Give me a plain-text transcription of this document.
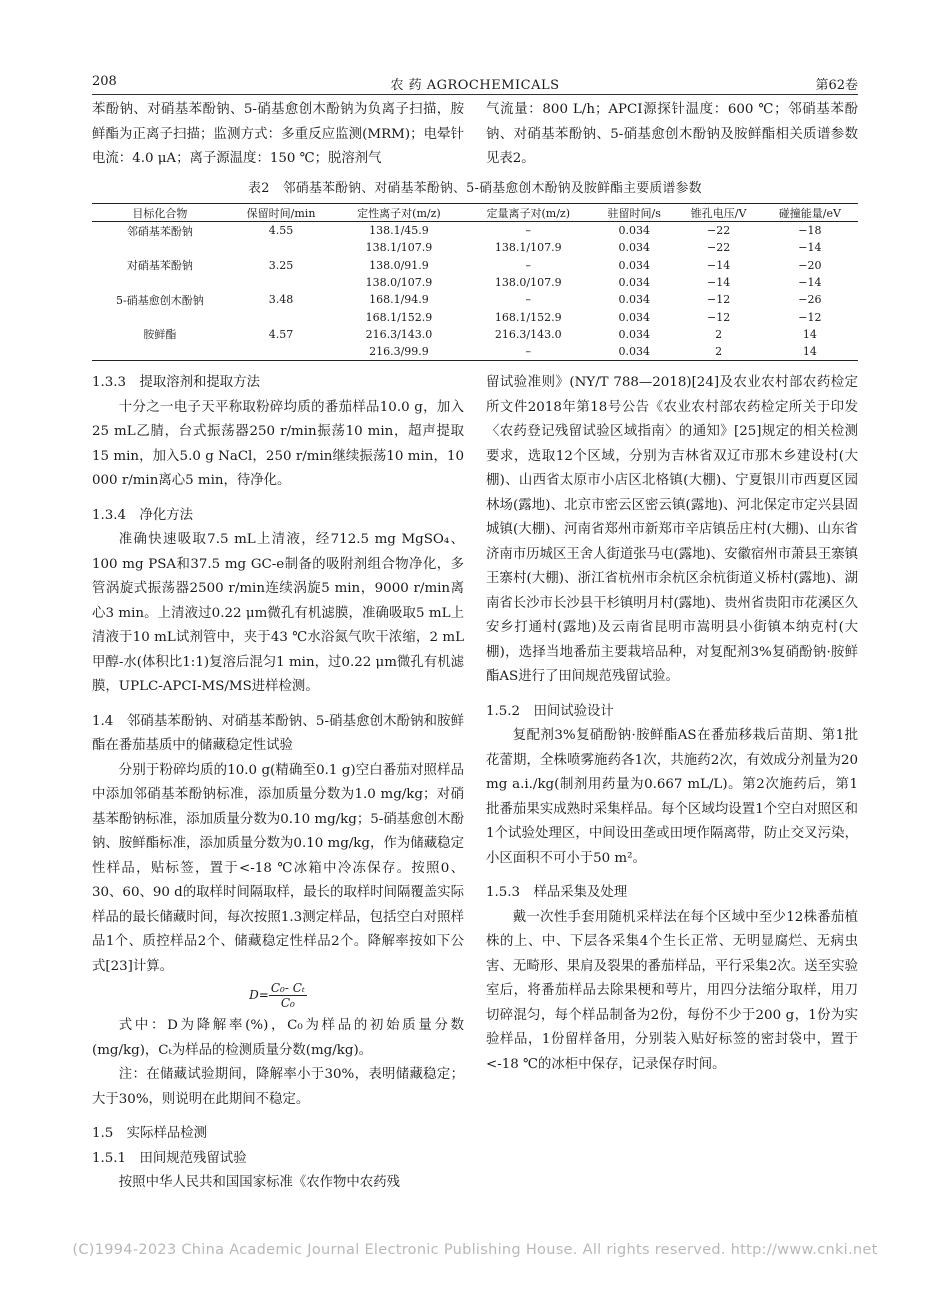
208	农 药 AGROCHEMICALS	第62卷

苯酚钠、对硝基苯酚钠、5-硝基愈创木酚钠为负离子扫描，胺鲜酯为正离子扫描；监测方式：多重反应监测(MRM)；电晕针电流：4.0 μA；离子源温度：150 ℃；脱溶剂气

气流量：800 L/h；APCI源探针温度：600 ℃；邻硝基苯酚钠、对硝基苯酚钠、5-硝基愈创木酚钠及胺鲜酯相关质谱参数见表2。

表2　邻硝基苯酚钠、对硝基苯酚钠、5-硝基愈创木酚钠及胺鲜酯主要质谱参数
目标化合物	保留时间/min	定性离子对(m/z)	定量离子对(m/z)	驻留时间/s	锥孔电压/V	碰撞能量/eV
邻硝基苯酚钠	4.55	138.1/45.9	–	0.034	−22	−18
		138.1/107.9	138.1/107.9	0.034	−22	−14
对硝基苯酚钠	3.25	138.0/91.9	–	0.034	−14	−20
		138.0/107.9	138.0/107.9	0.034	−14	−14
5-硝基愈创木酚钠	3.48	168.1/94.9	–	0.034	−12	−26
		168.1/152.9	168.1/152.9	0.034	−12	−12
胺鲜酯	4.57	216.3/143.0	216.3/143.0	0.034	2	14
		216.3/99.9	–	0.034	2	14

1.3.3　提取溶剂和提取方法

十分之一电子天平称取粉碎均质的番茄样品10.0 g，加入25 mL乙腈，台式振荡器250 r/min振荡10 min，超声提取15 min，加入5.0 g NaCl，250 r/min继续振荡10 min，10 000 r/min离心5 min，待净化。

1.3.4　净化方法

准确快速吸取7.5 mL上清液，经712.5 mg MgSO₄、100 mg PSA和37.5 mg GC-e制备的吸附剂组合物净化，多管涡旋式振荡器2500 r/min连续涡旋5 min，9000 r/min离心3 min。上清液过0.22 μm微孔有机滤膜，准确吸取5 mL上清液于10 mL试剂管中，夹于43 ℃水浴氮气吹干浓缩，2 mL甲醇-水(体积比1:1)复溶后混匀1 min，过0.22 μm微孔有机滤膜，UPLC-APCI-MS/MS进样检测。

1.4　邻硝基苯酚钠、对硝基苯酚钠、5-硝基愈创木酚钠和胺鲜酯在番茄基质中的储藏稳定性试验

分别于粉碎均质的10.0 g(精确至0.1 g)空白番茄对照样品中添加邻硝基苯酚钠标准，添加质量分数为1.0 mg/kg；对硝基苯酚钠标准，添加质量分数为0.10 mg/kg；5-硝基愈创木酚钠、胺鲜酯标准，添加质量分数为0.10 mg/kg，作为储藏稳定性样品，贴标签，置于<-18 ℃冰箱中冷冻保存。按照0、30、60、90 d的取样时间隔取样，最长的取样时间隔覆盖实际样品的最长储藏时间，每次按照1.3测定样品，包括空白对照样品1个、质控样品2个、储藏稳定性样品2个。降解率按如下公式[23]计算。

$D= \frac{\text{C₀- Cₜ}}{\text{C₀}}$

式中：D为降解率(%)，C₀为样品的初始质量分数(mg/kg)，Cₜ为样品的检测质量分数(mg/kg)。

注：在储藏试验期间，降解率小于30%，表明储藏稳定；大于30%，则说明在此期间不稳定。

1.5　实际样品检测

1.5.1　田间规范残留试验

按照中华人民共和国国家标准《农作物中农药残

留试验准则》(NY/T 788—2018)[24]及农业农村部农药检定所文件2018年第18号公告《农业农村部农药检定所关于印发〈农药登记残留试验区域指南〉的通知》[25]规定的相关检测要求，选取12个区域，分别为吉林省双辽市那木乡建设村(大棚)、山西省太原市小店区北格镇(大棚)、宁夏银川市西夏区园林场(露地)、北京市密云区密云镇(露地)、河北保定市定兴县固城镇(大棚)、河南省郑州市新郑市辛店镇岳庄村(大棚)、山东省济南市历城区王舍人街道张马屯(露地)、安徽宿州市萧县王寨镇王寨村(大棚)、浙江省杭州市余杭区余杭街道义桥村(露地)、湖南省长沙市长沙县干杉镇明月村(露地)、贵州省贵阳市花溪区久安乡打通村(露地)及云南省昆明市嵩明县小街镇本纳克村(大棚)，选择当地番茄主要栽培品种，对复配剂3%复硝酚钠·胺鲜酯AS进行了田间规范残留试验。

1.5.2　田间试验设计

复配剂3%复硝酚钠·胺鲜酯AS在番茄移栽后苗期、第1批花蕾期，全株喷雾施药各1次，共施药2次，有效成分剂量为20 mg a.i./kg(制剂用药量为0.667 mL/L)。第2次施药后，第1批番茄果实成熟时采集样品。每个区域均设置1个空白对照区和1个试验处理区，中间设田垄或田埂作隔离带，防止交叉污染，小区面积不可小于50 m²。

1.5.3　样品采集及处理

戴一次性手套用随机采样法在每个区域中至少12株番茄植株的上、中、下层各采集4个生长正常、无明显腐烂、无病虫害、无畸形、果肩及裂果的番茄样品，平行采集2次。送至实验室后，将番茄样品去除果梗和萼片，用四分法缩分取样，用刀切碎混匀，每个样品制备为2份，每份不少于200 g，1份为实验样品，1份留样备用，分别装入贴好标签的密封袋中，置于<-18 ℃的冰柜中保存，记录保存时间。

(C)1994-2023 China Academic Journal Electronic Publishing House. All rights reserved. http://www.cnki.net
